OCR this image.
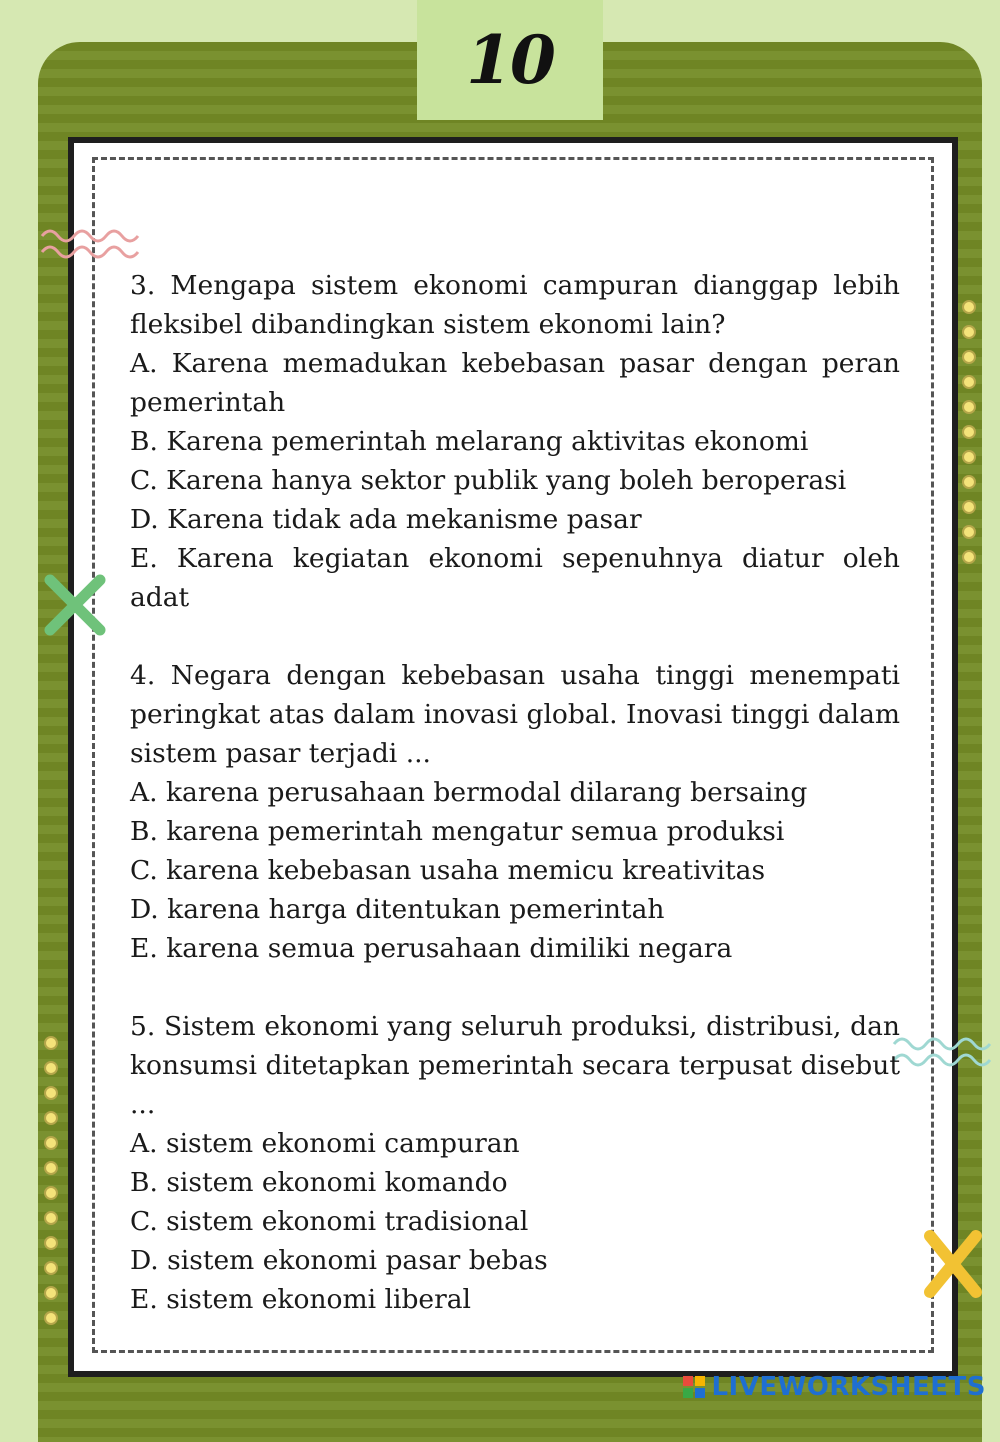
10
3. Mengapa sistem ekonomi campuran dianggap lebih fleksibel dibandingkan sistem ekonomi lain?
A. Karena memadukan kebebasan pasar dengan peran pemerintah
B. Karena pemerintah melarang aktivitas ekonomi
C. Karena hanya sektor publik yang boleh beroperasi
D. Karena tidak ada mekanisme pasar
E. Karena kegiatan ekonomi sepenuhnya diatur oleh adat
4. Negara dengan kebebasan usaha tinggi menempati peringkat atas dalam inovasi global. Inovasi tinggi dalam sistem pasar terjadi ...
A. karena perusahaan bermodal dilarang bersaing
B. karena pemerintah mengatur semua produksi
C. karena kebebasan usaha memicu kreativitas
D. karena harga ditentukan pemerintah
E. karena semua perusahaan dimiliki negara
5. Sistem ekonomi yang seluruh produksi, distribusi, dan konsumsi ditetapkan pemerintah secara terpusat disebut ...
A. sistem ekonomi campuran
B. sistem ekonomi komando
C. sistem ekonomi tradisional
D. sistem ekonomi pasar bebas
E. sistem ekonomi liberal
LIVEWORKSHEETS
